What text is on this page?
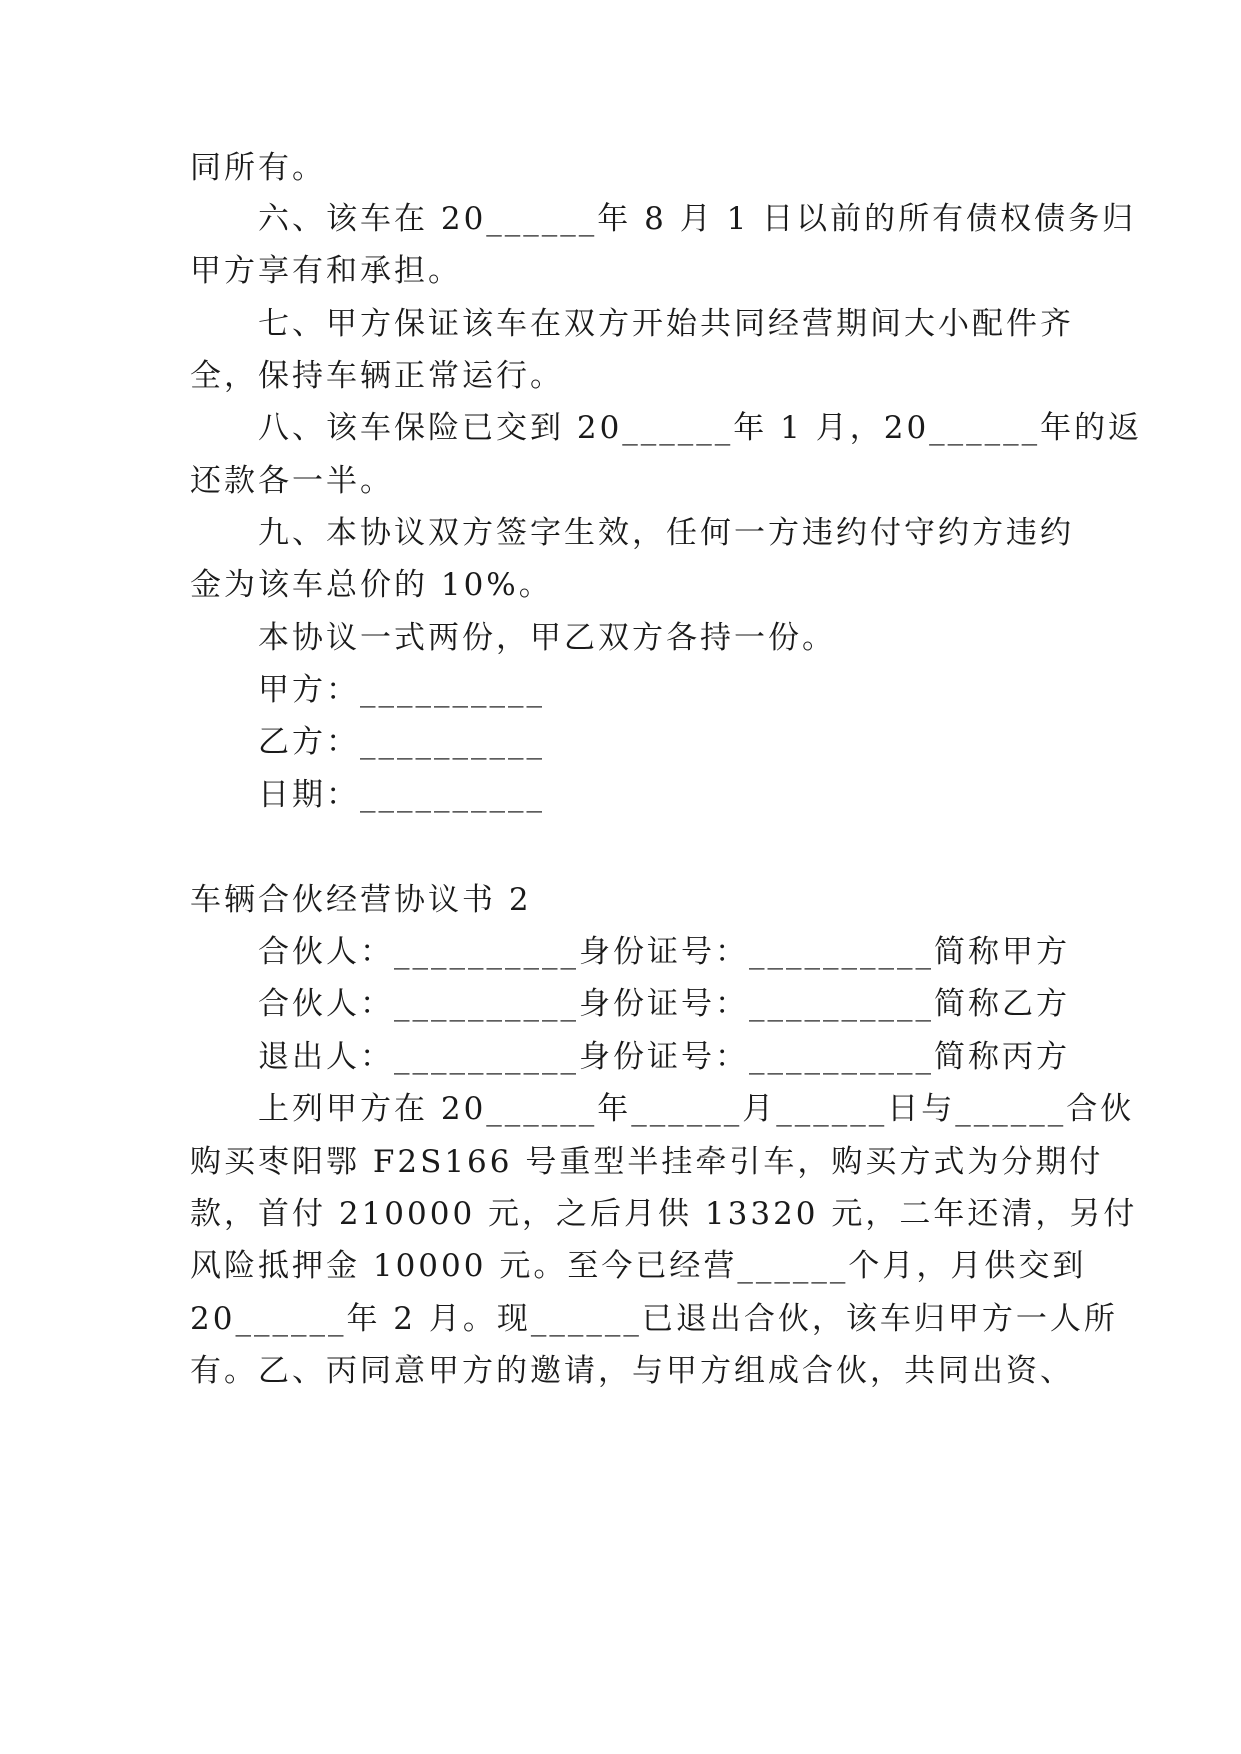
同所有。
六、该车在 20______年 8 月 1 日以前的所有债权债务归
甲方享有和承担。
七、甲方保证该车在双方开始共同经营期间大小配件齐
全，保持车辆正常运行。
八、该车保险已交到 20______年 1 月，20______年的返
还款各一半。
九、本协议双方签字生效，任何一方违约付守约方违约
金为该车总价的 10%。
本协议一式两份，甲乙双方各持一份。
甲方：__________
乙方：__________
日期：__________
车辆合伙经营协议书 2
合伙人：__________身份证号：__________简称甲方
合伙人：__________身份证号：__________简称乙方
退出人：__________身份证号：__________简称丙方
上列甲方在 20______年______月______日与______合伙
购买枣阳鄂 F2S166 号重型半挂牵引车，购买方式为分期付
款，首付 210000 元，之后月供 13320 元，二年还清，另付
风险抵押金 10000 元。至今已经营______个月，月供交到
20______年 2 月。现______已退出合伙，该车归甲方一人所
有。乙、丙同意甲方的邀请，与甲方组成合伙，共同出资、
